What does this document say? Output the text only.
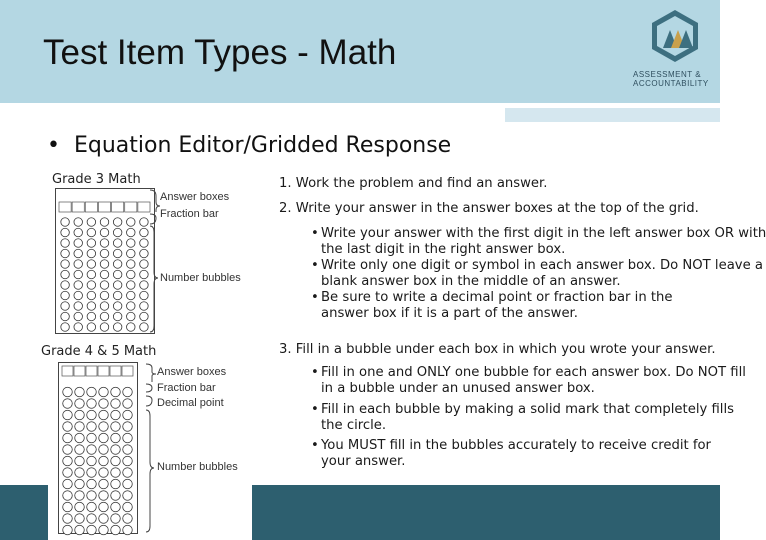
Test Item Types - Math
ASSESSMENT &
ACCOUNTABILITY
• Equation Editor/Gridded Response
Grade 3 Math
Answer boxes
Fraction bar
Number bubbles
Grade 4 & 5 Math
Answer boxes
Fraction bar
Decimal point
Number bubbles
1. Work the problem and find an answer.
2. Write your answer in the answer boxes at the top of the grid.
• Write your answer with the first digit in the left answer box OR with
the last digit in the right answer box.
• Write only one digit or symbol in each answer box. Do NOT leave a
blank answer box in the middle of an answer.
• Be sure to write a decimal point or fraction bar in the
answer box if it is a part of the answer.
3. Fill in a bubble under each box in which you wrote your answer.
• Fill in one and ONLY one bubble for each answer box. Do NOT fill
in a bubble under an unused answer box.
• Fill in each bubble by making a solid mark that completely fills
the circle.
• You MUST fill in the bubbles accurately to receive credit for
your answer.
